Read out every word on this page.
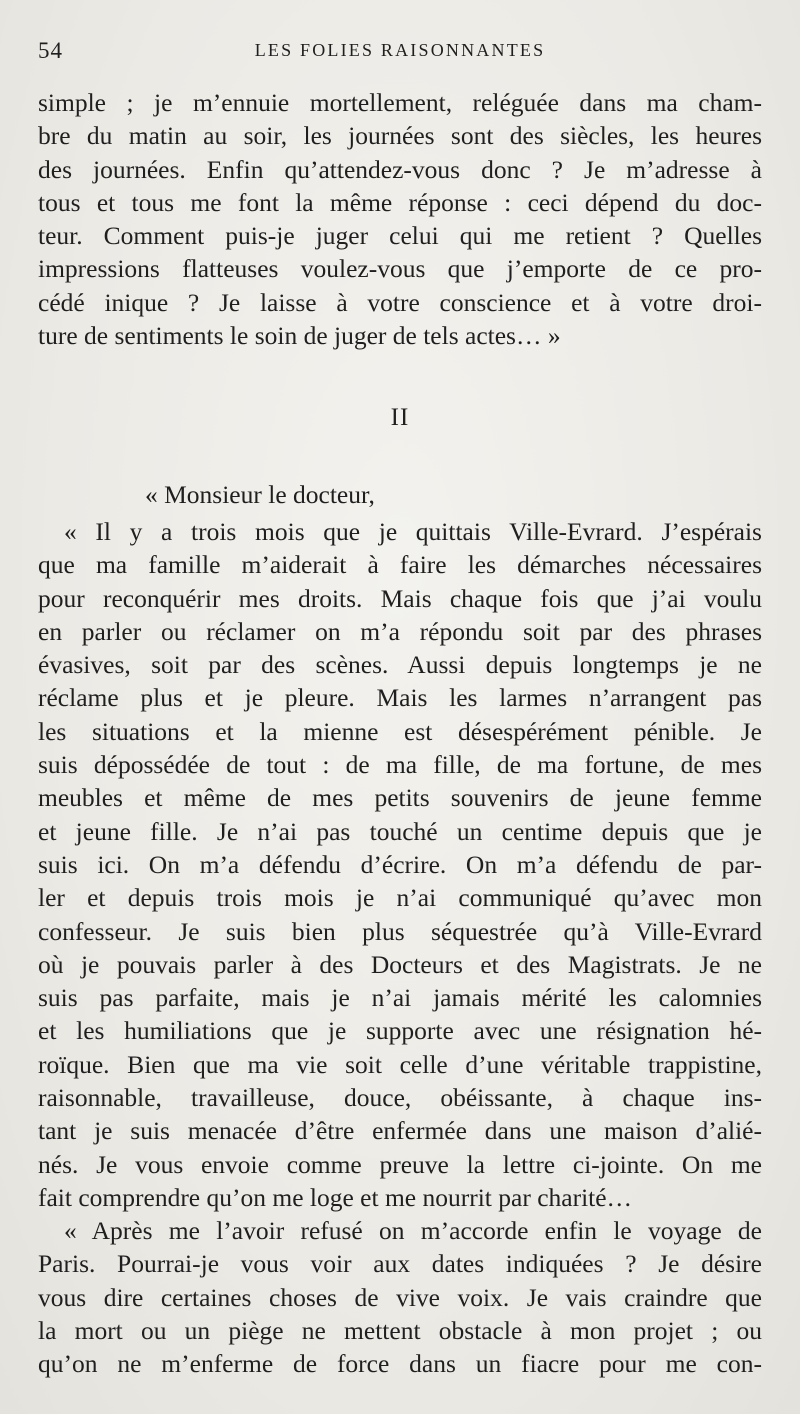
54	LES FOLIES RAISONNANTES
simple ; je m’ennuie mortellement, reléguée dans ma cham-
bre du matin au soir, les journées sont des siècles, les heures
des journées. Enfin qu’attendez-vous donc ? Je m’adresse à
tous et tous me font la même réponse : ceci dépend du doc-
teur. Comment puis-je juger celui qui me retient ? Quelles
impressions flatteuses voulez-vous que j’emporte de ce pro-
cédé inique ? Je laisse à votre conscience et à votre droi-
ture de sentiments le soin de juger de tels actes… »
II

« Monsieur le docteur,

« Il y a trois mois que je quittais Ville-Evrard. J’espérais
que ma famille m’aiderait à faire les démarches nécessaires
pour reconquérir mes droits. Mais chaque fois que j’ai voulu
en parler ou réclamer on m’a répondu soit par des phrases
évasives, soit par des scènes. Aussi depuis longtemps je ne
réclame plus et je pleure. Mais les larmes n’arrangent pas
les situations et la mienne est désespérément pénible. Je
suis dépossédée de tout : de ma fille, de ma fortune, de mes
meubles et même de mes petits souvenirs de jeune femme
et jeune fille. Je n’ai pas touché un centime depuis que je
suis ici. On m’a défendu d’écrire. On m’a défendu de par-
ler et depuis trois mois je n’ai communiqué qu’avec mon
confesseur. Je suis bien plus séquestrée qu’à Ville-Evrard
où je pouvais parler à des Docteurs et des Magistrats. Je ne
suis pas parfaite, mais je n’ai jamais mérité les calomnies
et les humiliations que je supporte avec une résignation hé-
roïque. Bien que ma vie soit celle d’une véritable trappistine,
raisonnable, travailleuse, douce, obéissante, à chaque ins-
tant je suis menacée d’être enfermée dans une maison d’alié-
nés. Je vous envoie comme preuve la lettre ci-jointe. On me
fait comprendre qu’on me loge et me nourrit par charité…
« Après me l’avoir refusé on m’accorde enfin le voyage de
Paris. Pourrai-je vous voir aux dates indiquées ? Je désire
vous dire certaines choses de vive voix. Je vais craindre que
la mort ou un piège ne mettent obstacle à mon projet ; ou
qu’on ne m’enferme de force dans un fiacre pour me con-
